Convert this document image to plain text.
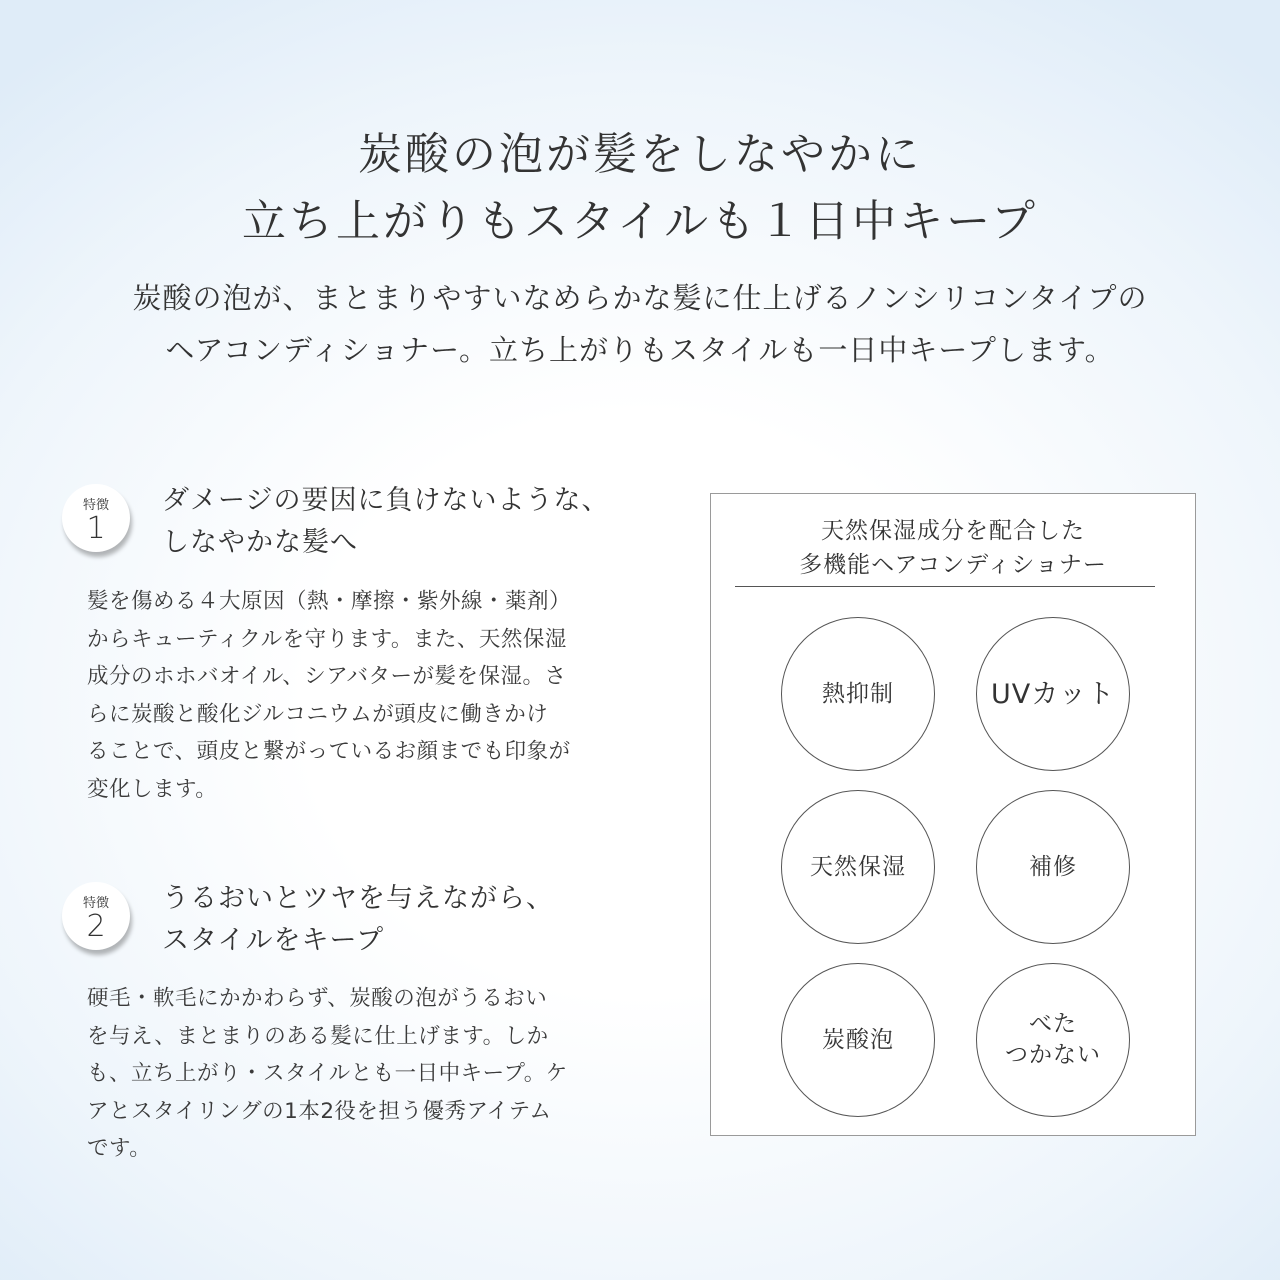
炭酸の泡が髪をしなやかに
立ち上がりもスタイルも１日中キープ
炭酸の泡が、まとまりやすいなめらかな髪に仕上げるノンシリコンタイプの
ヘアコンディショナー。立ち上がりもスタイルも一日中キープします。
特徴
1
ダメージの要因に負けないような、
しなやかな髪へ
髪を傷める４大原因（熱・摩擦・紫外線・薬剤）
からキューティクルを守ります。また、天然保湿
成分のホホバオイル、シアバターが髪を保湿。さ
らに炭酸と酸化ジルコニウムが頭皮に働きかけ
ることで、頭皮と繋がっているお顔までも印象が
変化します。
特徴
2
うるおいとツヤを与えながら、
スタイルをキープ
硬毛・軟毛にかかわらず、炭酸の泡がうるおい
を与え、まとまりのある髪に仕上げます。しか
も、立ち上がり・スタイルとも一日中キープ。ケ
アとスタイリングの1本2役を担う優秀アイテム
です。
天然保湿成分を配合した
多機能ヘアコンディショナー
熱抑制	UVカット
天然保湿	補修
炭酸泡
べた
つかない
